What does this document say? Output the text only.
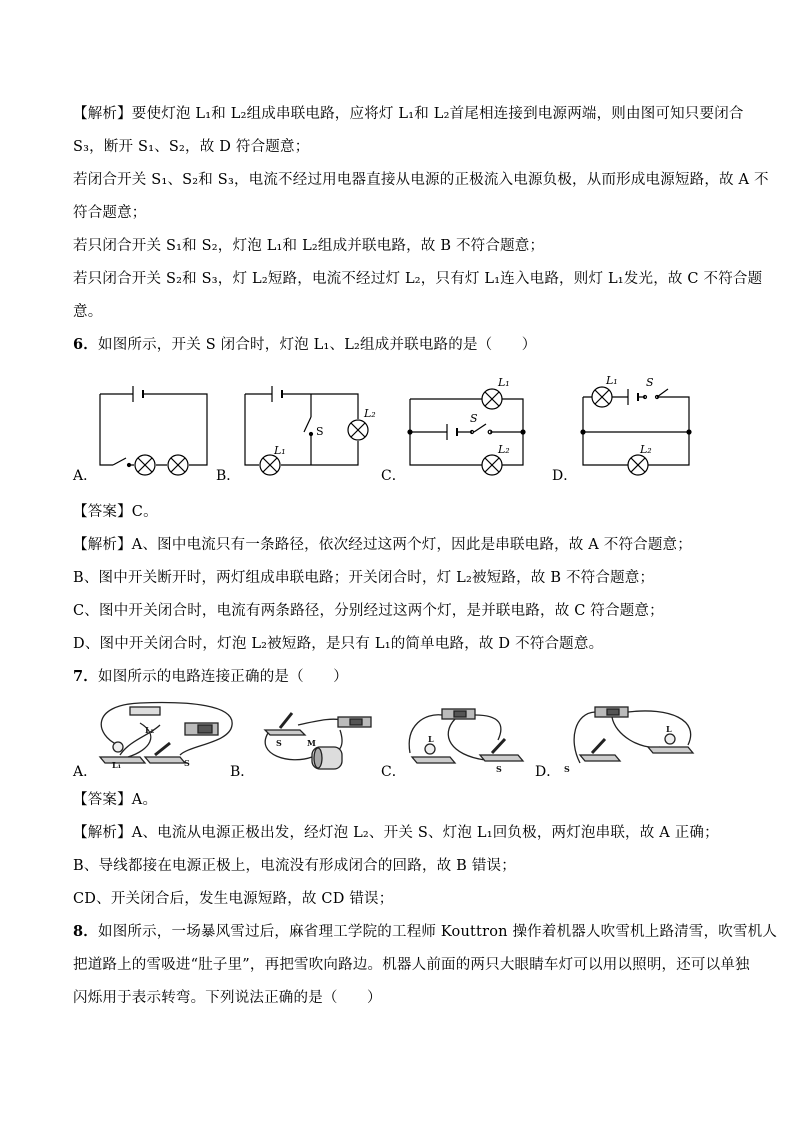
【解析】要使灯泡 L₁和 L₂组成串联电路，应将灯 L₁和 L₂首尾相连接到电源两端，则由图可知只要闭合
S₃，断开 S₁、S₂，故 D 符合题意；
若闭合开关 S₁、S₂和 S₃，电流不经过用电器直接从电源的正极流入电源负极，从而形成电源短路，故 A 不
符合题意；
若只闭合开关 S₁和 S₂，灯泡 L₁和 L₂组成并联电路，故 B 不符合题意；
若只闭合开关 S₂和 S₃，灯 L₂短路，电流不经过灯 L₂，只有灯 L₁连入电路，则灯 L₁发光，故 C 不符合题
意。
6．如图所示，开关 S 闭合时，灯泡 L₁、L₂组成并联电路的是（　　）
L₂
S
L₁
L₁
S
L₂
L₁	S
L₂
A．	B．	C．	D．
【答案】C。
【解析】A、图中电流只有一条路径，依次经过这两个灯，因此是串联电路，故 A 不符合题意；
B、图中开关断开时，两灯组成串联电路；开关闭合时，灯 L₂被短路，故 B 不符合题意；
C、图中开关闭合时，电流有两条路径，分别经过这两个灯，是并联电路，故 C 符合题意；
D、图中开关闭合时，灯泡 L₂被短路，是只有 L₁的简单电路，故 D 不符合题意。
7．如图所示的电路连接正确的是（　　）
L₂
L₁	S
S	M	L
S	S
L
A．	B．	C．	D．
【答案】A。
【解析】A、电流从电源正极出发，经灯泡 L₂、开关 S、灯泡 L₁回负极，两灯泡串联，故 A 正确；
B、导线都接在电源正极上，电流没有形成闭合的回路，故 B 错误；
CD、开关闭合后，发生电源短路，故 CD 错误；
8．如图所示，一场暴风雪过后，麻省理工学院的工程师 Kouttron 操作着机器人吹雪机上路清雪，吹雪机人
把道路上的雪吸进“肚子里”，再把雪吹向路边。机器人前面的两只大眼睛车灯可以用以照明，还可以单独
闪烁用于表示转弯。下列说法正确的是（　　）
